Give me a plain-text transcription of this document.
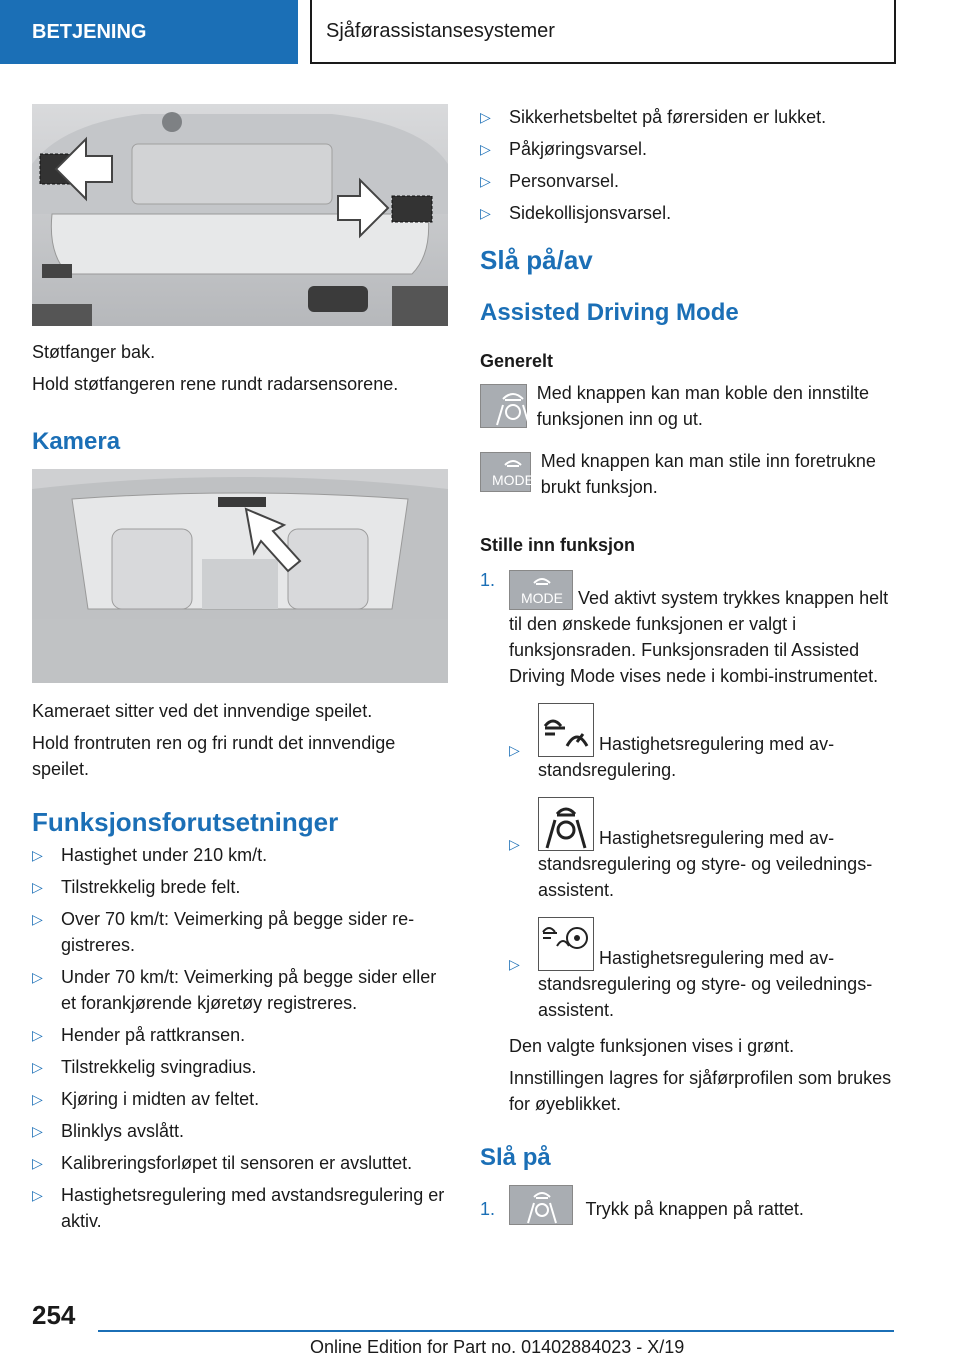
BETJENING	Sjåførassistansesystemer

Støtfanger bak.

Hold støtfangeren rene rundt radarsensorene.

Kamera

Kameraet sitter ved det innvendige speilet.

Hold frontruten ren og fri rundt det innvendige speilet.

Funksjonsforutsetninger
▷ Hastighet under 210 km/t.
▷ Tilstrekkelig brede felt.
▷ Over 70 km/t: Veimerking på begge sider registreres.
▷ Under 70 km/t: Veimerking på begge sider eller et forankjørende kjøretøy registreres.
▷ Hender på rattkransen.
▷ Tilstrekkelig svingradius.
▷ Kjøring i midten av feltet.
▷ Blinklys avslått.
▷ Kalibreringsforløpet til sensoren er avsluttet.
▷ Hastighetsregulering med avstandsregulering er aktiv.
▷ Sikkerhetsbeltet på førersiden er lukket.
▷ Påkjøringsvarsel.
▷ Personvarsel.
▷ Sidekollisjonsvarsel.
Slå på/av
Assisted Driving Mode
Generelt

Med knappen kan man koble den innstilte funksjonen inn og ut.

MODE

Med knappen kan man stile inn foretrukne brukt funksjon.

Stille inn funksjon
1.

MODE Ved aktivt system trykkes knappen helt til den ønskede funksjonen er valgt i funksjonsraden. Funksjonsraden til Assisted Driving Mode vises nede i kombi-instrumentet.

▷	Hastighetsregulering med avstandsregulering.
▷	Hastighetsregulering med avstandsregulering og styre- og veiledningsassistent.
▷	Hastighetsregulering med avstandsregulering og styre- og veiledningsassistent.

Den valgte funksjonen vises i grønt.

Innstillingen lagres for sjåførprofilen som brukes for øyeblikket.

Slå på
1.	Trykk på knappen på rattet.
254
Online Edition for Part no. 01402884023 - X/19
